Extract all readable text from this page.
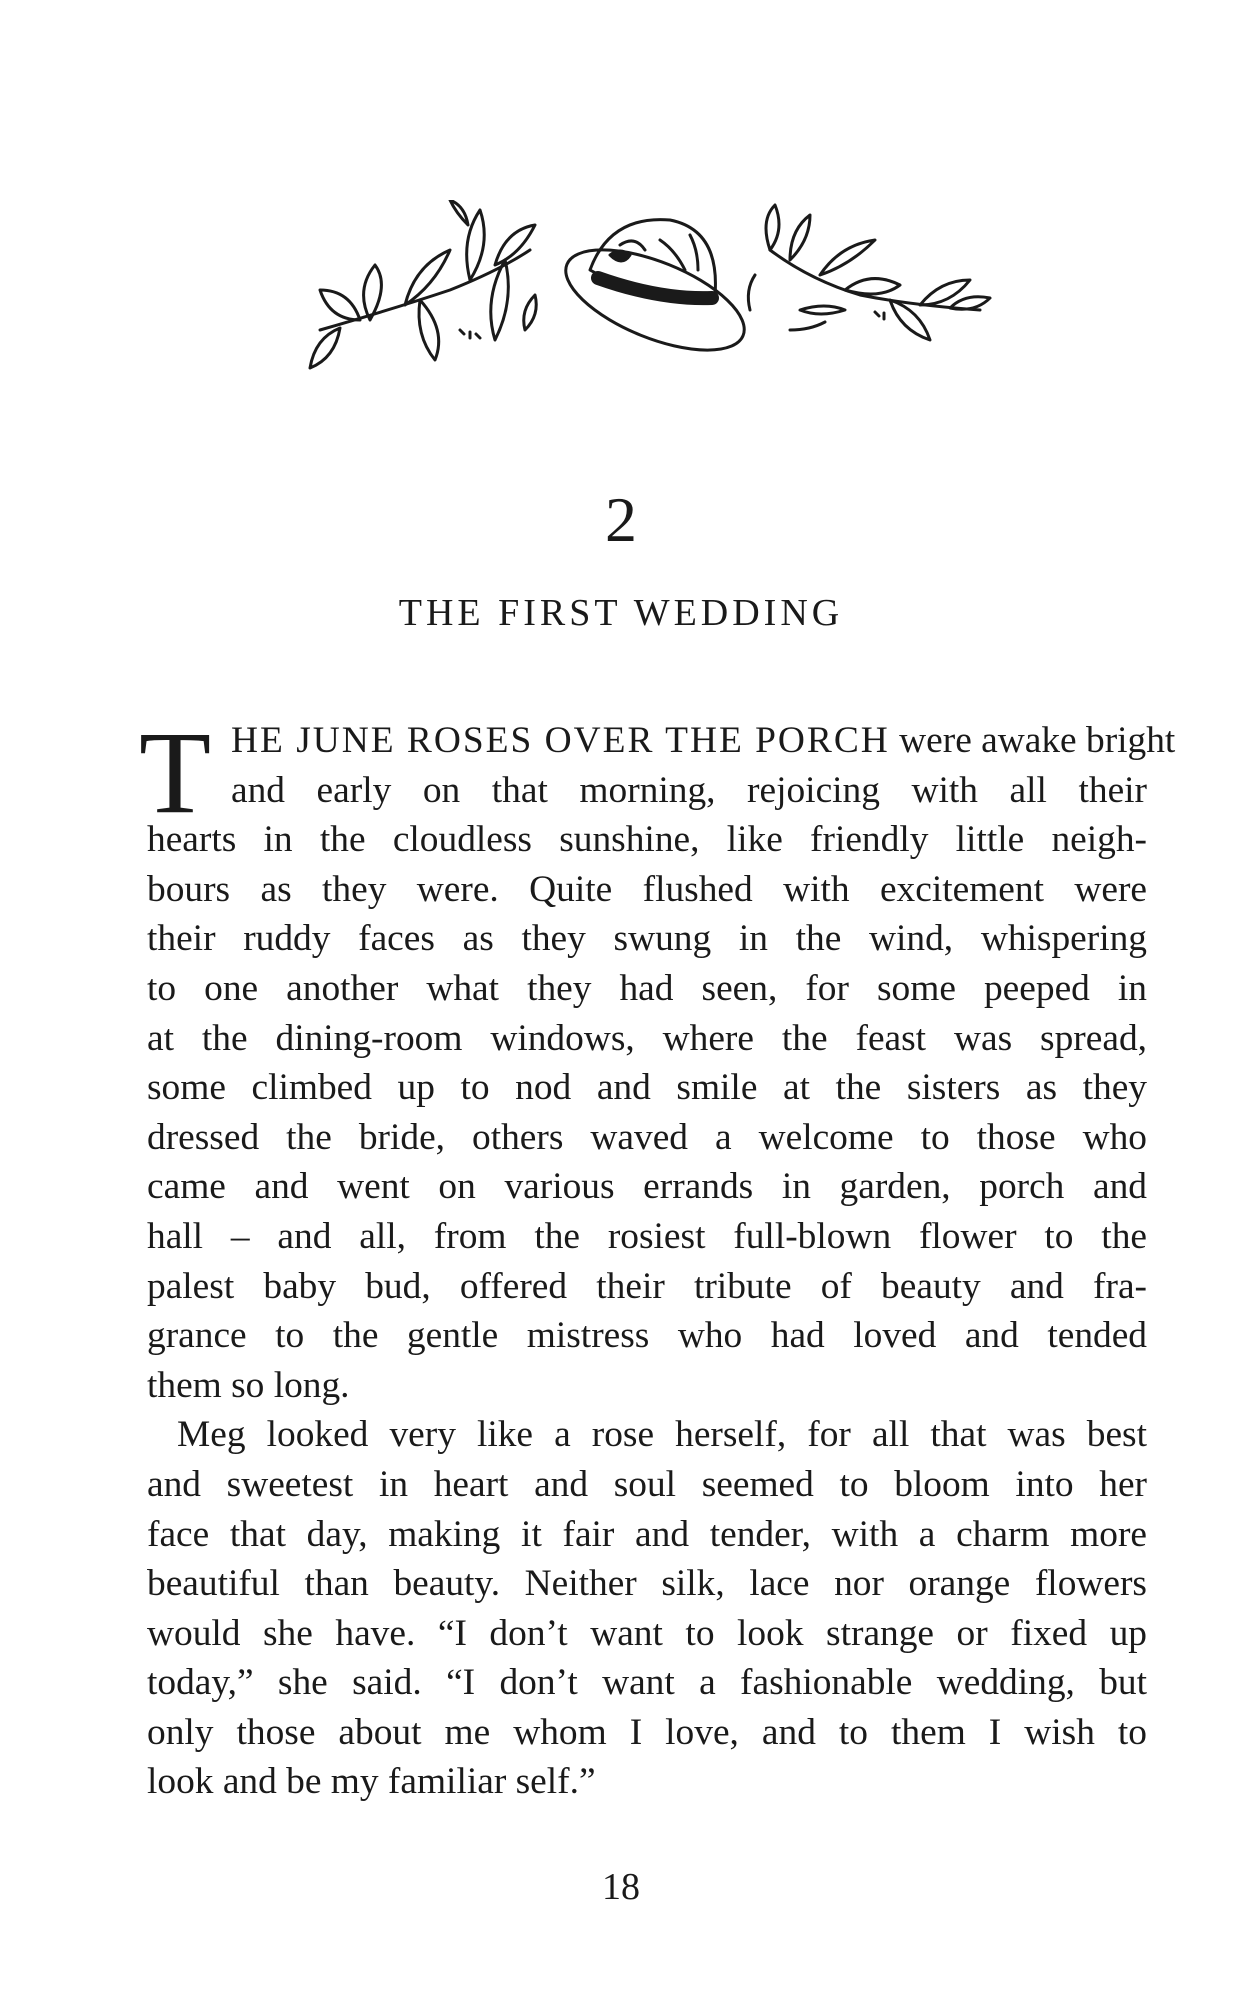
2
THE FIRST WEDDING
T HE JUNE ROSES OVER THE PORCH were awake bright
and early on that morning, rejoicing with all their
hearts in the cloudless sunshine, like friendly little neigh-
bours as they were. Quite flushed with excitement were
their ruddy faces as they swung in the wind, whispering
to one another what they had seen, for some peeped in
at the dining-room windows, where the feast was spread,
some climbed up to nod and smile at the sisters as they
dressed the bride, others waved a welcome to those who
came and went on various errands in garden, porch and
hall – and all, from the rosiest full-blown flower to the
palest baby bud, offered their tribute of beauty and fra-
grance to the gentle mistress who had loved and tended
them so long.
Meg looked very like a rose herself, for all that was best
and sweetest in heart and soul seemed to bloom into her
face that day, making it fair and tender, with a charm more
beautiful than beauty. Neither silk, lace nor orange flowers
would she have. “I don’t want to look strange or fixed up
today,” she said. “I don’t want a fashionable wedding, but
only those about me whom I love, and to them I wish to
look and be my familiar self.”
18
